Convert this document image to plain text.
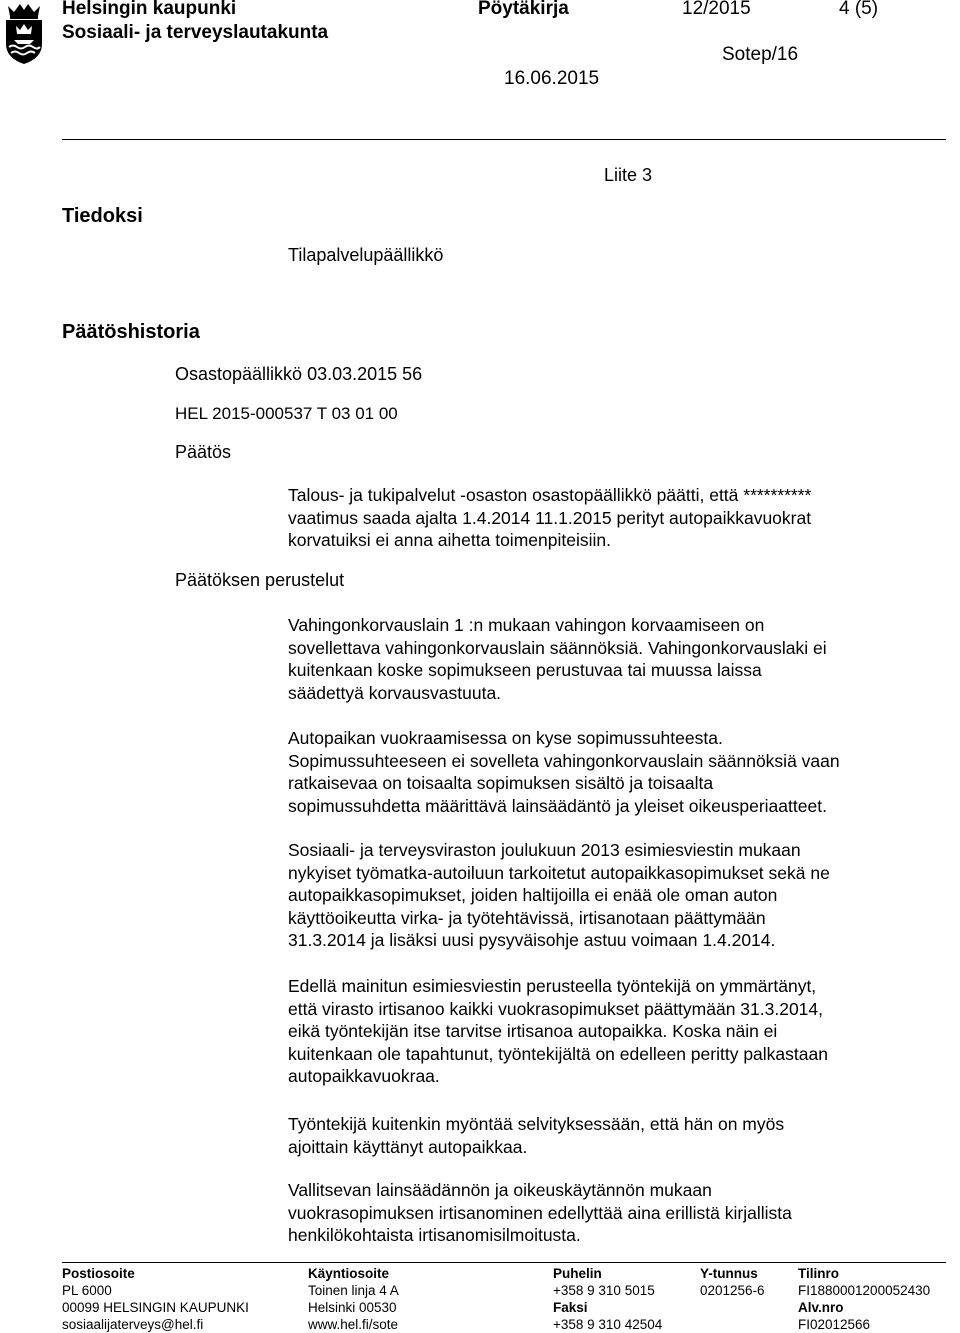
Helsingin kaupunki
Sosiaali- ja terveyslautakunta
Pöytäkirja	12/2015	4 (5)
Sotep/16
16.06.2015
Liite 3
Tiedoksi
Tilapalvelupäällikkö
Päätöshistoria
Osastopäällikkö 03.03.2015 56
HEL 2015-000537 T 03 01 00
Päätös
Päätöksen perustelut

Talous- ja tukipalvelut -osaston osastopäällikkö päätti, että **********

vaatimus saada ajalta 1.4.2014 11.1.2015 perityt autopaikkavuokrat

korvatuiksi ei anna aihetta toimenpiteisiin.

Vahingonkorvauslain 1 :n mukaan vahingon korvaamiseen on

sovellettava vahingonkorvauslain säännöksiä. Vahingonkorvauslaki ei

kuitenkaan koske sopimukseen perustuvaa tai muussa laissa

säädettyä korvausvastuuta.

Autopaikan vuokraamisessa on kyse sopimussuhteesta.

Sopimussuhteeseen ei sovelleta vahingonkorvauslain säännöksiä vaan

ratkaisevaa on toisaalta sopimuksen sisältö ja toisaalta

sopimussuhdetta määrittävä lainsäädäntö ja yleiset oikeusperiaatteet.

Sosiaali- ja terveysviraston joulukuun 2013 esimiesviestin mukaan

nykyiset työmatka-autoiluun tarkoitetut autopaikkasopimukset sekä ne

autopaikkasopimukset, joiden haltijoilla ei enää ole oman auton

käyttöoikeutta virka- ja työtehtävissä, irtisanotaan päättymään

31.3.2014 ja lisäksi uusi pysyväisohje astuu voimaan 1.4.2014.

Edellä mainitun esimiesviestin perusteella työntekijä on ymmärtänyt,

että virasto irtisanoo kaikki vuokrasopimukset päättymään 31.3.2014,

eikä työntekijän itse tarvitse irtisanoa autopaikka. Koska näin ei

kuitenkaan ole tapahtunut, työntekijältä on edelleen peritty palkastaan

autopaikkavuokraa.

Työntekijä kuitenkin myöntää selvityksessään, että hän on myös

ajoittain käyttänyt autopaikkaa.

Vallitsevan lainsäädännön ja oikeuskäytännön mukaan

vuokrasopimuksen irtisanominen edellyttää aina erillistä kirjallista

henkilökohtaista irtisanomisilmoitusta.

Postiosoite
PL 6000
00099 HELSINGIN KAUPUNKI
sosiaalijaterveys@hel.fi
Käyntiosoite
Toinen linja 4 A
Helsinki 00530
www.hel.fi/sote
Puhelin
+358 9 310 5015
Faksi
+358 9 310 42504
Y-tunnus
0201256-6
Tilinro
FI1880001200052430
Alv.nro
FI02012566
